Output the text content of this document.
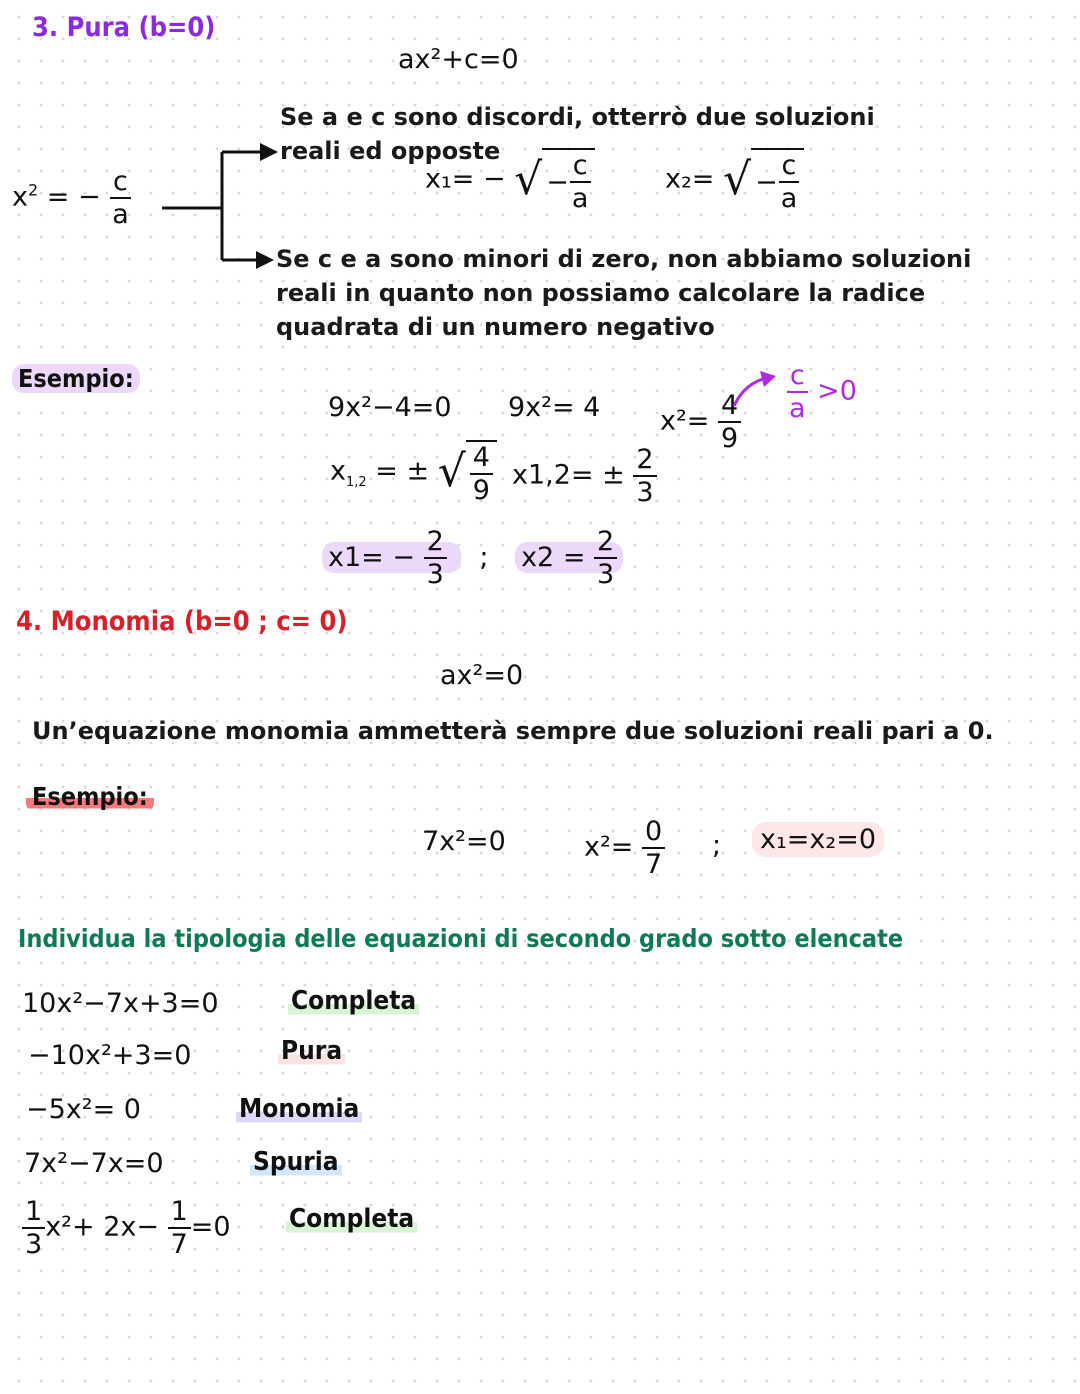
3. Pura (b=0)
ax²+c=0
$x^2$ = − $\frac{c}{a}$
Se a e c sono discordi, otterrò due soluzioni reali ed opposte
x₁= − √ − $\frac{c}{a}$	x₂= √ − $\frac{c}{a}$
Se c e a sono minori di zero, non abbiamo soluzioni reali in quanto non possiamo calcolare la radice quadrata di un numero negativo
Esempio:
9x²−4=0 9x²= 4 $x^2= \frac{4}{9} \frac{c}{a} >0$
$x_{1,2}$ = ± √ $\frac{4}{9} x1,2= \pm \frac{2}{3}$
$x1= - \frac{2}{3}$ ; $x2 = \frac{2}{3}$
4. Monomia (b=0 ; c= 0)
ax²=0
Un’equazione monomia ammetterà sempre due soluzioni reali pari a 0.
Esempio:
7x²=0	$x^2= \frac{0}{7}$ ; x₁=x₂=0
Individua la tipologia delle equazioni di secondo grado sotto elencate
10x²−7x+3=0	Completa
−10x²+3=0	Pura
−5x²= 0	Monomia
7x²−7x=0	Spuria
$\frac{1}{3} x^2+ 2x- \frac{1}{7} =0$ Completa
